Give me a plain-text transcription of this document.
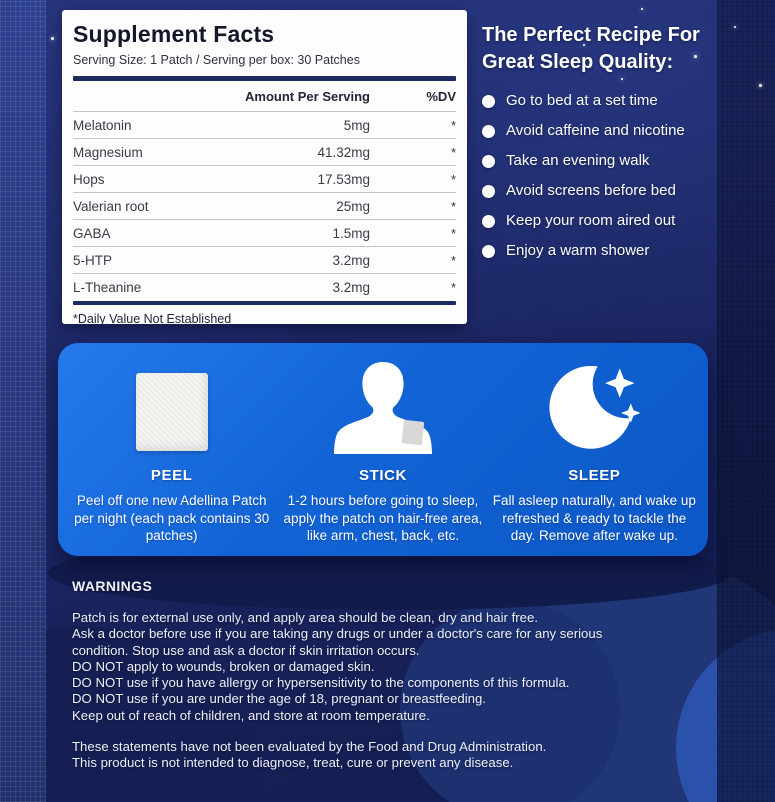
Supplement Facts
Serving Size: 1 Patch / Serving per box: 30 Patches
Amount Per Serving	%DV
Melatonin	5mg	*
Magnesium	41.32mg	*
Hops	17.53mg	*
Valerian root	25mg	*
GABA	1.5mg	*
5-HTP	3.2mg	*
L-Theanine	3.2mg	*
*Daily Value Not Established
The Perfect Recipe For
Great Sleep Quality:
Go to bed at a set time
Avoid caffeine and nicotine
Take an evening walk
Avoid screens before bed
Keep your room aired out
Enjoy a warm shower
PEEL
Peel off one new Adellina Patch per night (each pack contains 30 patches)
STICK
1-2 hours before going to sleep, apply the patch on hair-free area, like arm, chest, back, etc.
SLEEP
Fall asleep naturally, and wake up refreshed & ready to tackle the day. Remove after wake up.
WARNINGS
Patch is for external use only, and apply area should be clean, dry and hair free.
Ask a doctor before use if you are taking any drugs or under a doctor's care for any serious
condition. Stop use and ask a doctor if skin irritation occurs.
DO NOT apply to wounds, broken or damaged skin.
DO NOT use if you have allergy or hypersensitivity to the components of this formula.
DO NOT use if you are under the age of 18, pregnant or breastfeeding.
Keep out of reach of children, and store at room temperature.
These statements have not been evaluated by the Food and Drug Administration.
This product is not intended to diagnose, treat, cure or prevent any disease.
